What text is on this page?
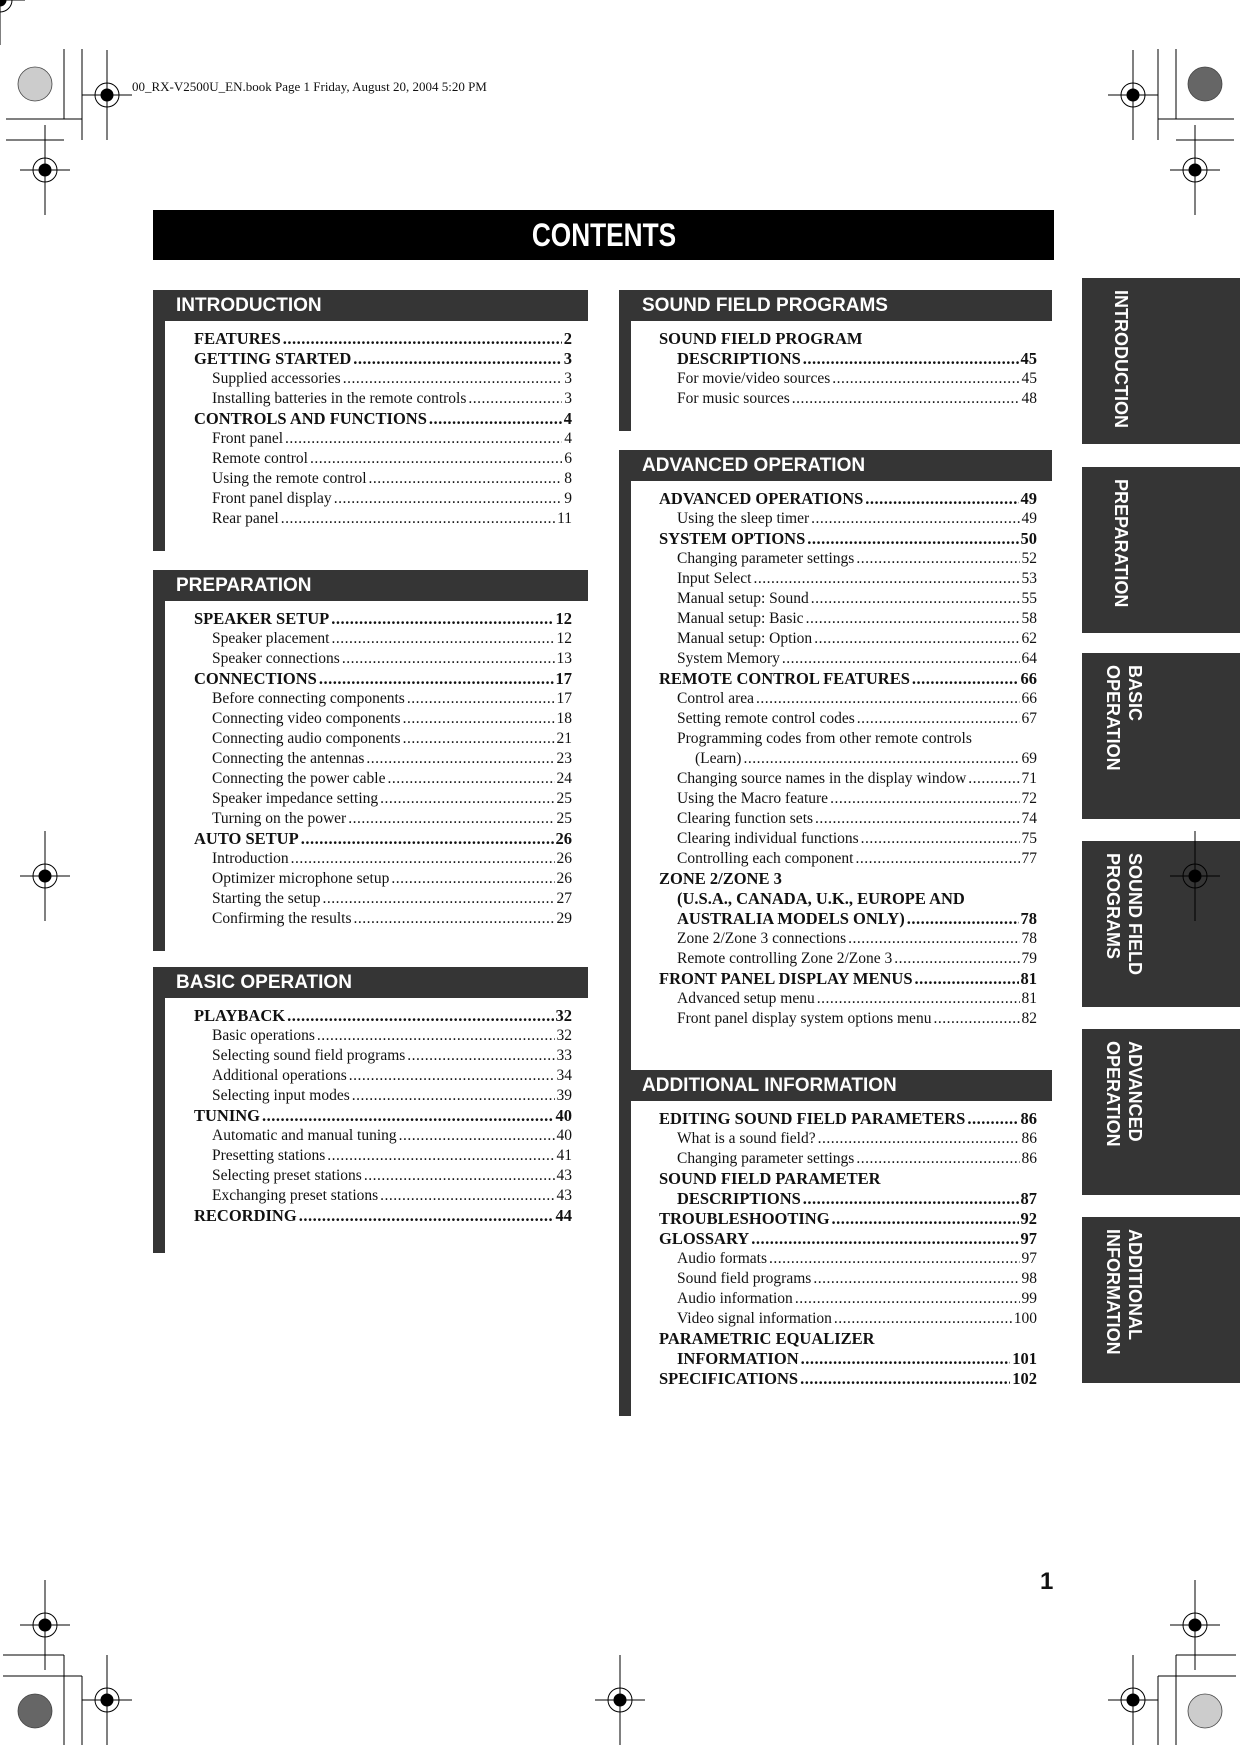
00_RX-V2500U_EN.book Page 1 Friday, August 20, 2004 5:20 PM
CONTENTS
INTRODUCTION
FEATURES .....	2
GETTING STARTED .....	3
Supplied accessories .....	3
Installing batteries in the remote controls .....	3
CONTROLS AND FUNCTIONS .....	4
Front panel .....	4
Remote control .....	6
Using the remote control .....	8
Front panel display .....	9
Rear panel .....	11
PREPARATION
SPEAKER SETUP .....	12
Speaker placement .....	12
Speaker connections .....	13
CONNECTIONS .....	17
Before connecting components .....	17
Connecting video components .....	18
Connecting audio components .....	21
Connecting the antennas .....	23
Connecting the power cable .....	24
Speaker impedance setting .....	25
Turning on the power .....	25
AUTO SETUP .....	26
Introduction .....	26
Optimizer microphone setup .....	26
Starting the setup .....	27
Confirming the results .....	29
BASIC OPERATION
PLAYBACK .....	32
Basic operations .....	32
Selecting sound field programs .....	33
Additional operations .....	34
Selecting input modes .....	39
TUNING .....	40
Automatic and manual tuning .....	40
Presetting stations .....	41
Selecting preset stations .....	43
Exchanging preset stations .....	43
RECORDING .....	44
SOUND FIELD PROGRAMS
SOUND FIELD PROGRAM
DESCRIPTIONS .....	45
For movie/video sources .....	45
For music sources .....	48
ADVANCED OPERATION
ADVANCED OPERATIONS .....	49
Using the sleep timer .....	49
SYSTEM OPTIONS .....	50
Changing parameter settings .....	52
Input Select .....	53
Manual setup: Sound .....	55
Manual setup: Basic .....	58
Manual setup: Option .....	62
System Memory .....	64
REMOTE CONTROL FEATURES .....	66
Control area .....	66
Setting remote control codes .....	67
Programming codes from other remote controls
(Learn) .....	69
Changing source names in the display window .....	71
Using the Macro feature .....	72
Clearing function sets .....	74
Clearing individual functions .....	75
Controlling each component .....	77
ZONE 2/ZONE 3
(U.S.A., CANADA, U.K., EUROPE AND
AUSTRALIA MODELS ONLY) .....	78
Zone 2/Zone 3 connections .....	78
Remote controlling Zone 2/Zone 3 .....	79
FRONT PANEL DISPLAY MENUS .....	81
Advanced setup menu .....	81
Front panel display system options menu .....	82
ADDITIONAL INFORMATION
EDITING SOUND FIELD PARAMETERS .....	86
What is a sound field? .....	86
Changing parameter settings .....	86
SOUND FIELD PARAMETER
DESCRIPTIONS .....	87
TROUBLESHOOTING .....	92
GLOSSARY .....	97
Audio formats .....	97
Sound field programs .....	98
Audio information .....	99
Video signal information .....	100
PARAMETRIC EQUALIZER
INFORMATION .....	101
SPECIFICATIONS .....	102
INTRODUCTION
PREPARATION
BASIC
OPERATION
SOUND FIELD
PROGRAMS
ADVANCED
OPERATION
ADDITIONAL
INFORMATION
1
